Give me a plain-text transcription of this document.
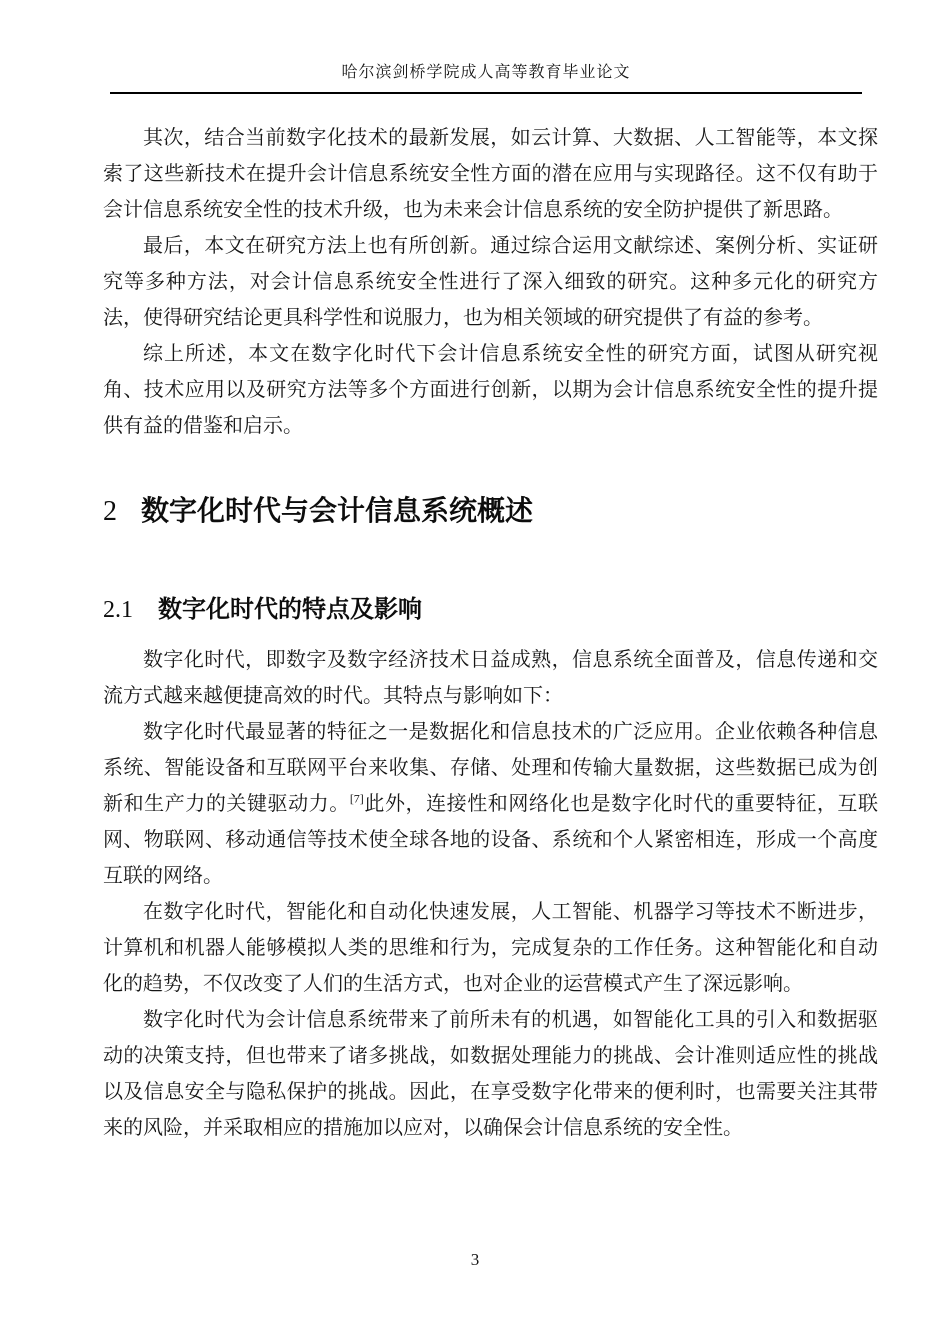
哈尔滨剑桥学院成人高等教育毕业论文

其次，结合当前数字化技术的最新发展，如云计算、大数据、人工智能等，本文探索了这些新技术在提升会计信息系统安全性方面的潜在应用与实现路径。这不仅有助于会计信息系统安全性的技术升级，也为未来会计信息系统的安全防护提供了新思路。

最后，本文在研究方法上也有所创新。通过综合运用文献综述、案例分析、实证研究等多种方法，对会计信息系统安全性进行了深入细致的研究。这种多元化的研究方法，使得研究结论更具科学性和说服力，也为相关领域的研究提供了有益的参考。

综上所述，本文在数字化时代下会计信息系统安全性的研究方面，试图从研究视角、技术应用以及研究方法等多个方面进行创新，以期为会计信息系统安全性的提升提供有益的借鉴和启示。

2 数字化时代与会计信息系统概述
2.1 数字化时代的特点及影响

数字化时代，即数字及数字经济技术日益成熟，信息系统全面普及，信息传递和交流方式越来越便捷高效的时代。其特点与影响如下：

数字化时代最显著的特征之一是数据化和信息技术的广泛应用。企业依赖各种信息系统、智能设备和互联网平台来收集、存储、处理和传输大量数据，这些数据已成为创新和生产力的关键驱动力。[7]此外，连接性和网络化也是数字化时代的重要特征，互联网、物联网、移动通信等技术使全球各地的设备、系统和个人紧密相连，形成一个高度互联的网络。

在数字化时代，智能化和自动化快速发展，人工智能、机器学习等技术不断进步，计算机和机器人能够模拟人类的思维和行为，完成复杂的工作任务。这种智能化和自动化的趋势，不仅改变了人们的生活方式，也对企业的运营模式产生了深远影响。

数字化时代为会计信息系统带来了前所未有的机遇，如智能化工具的引入和数据驱动的决策支持，但也带来了诸多挑战，如数据处理能力的挑战、会计准则适应性的挑战以及信息安全与隐私保护的挑战。因此，在享受数字化带来的便利时，也需要关注其带来的风险，并采取相应的措施加以应对，以确保会计信息系统的安全性。

3
